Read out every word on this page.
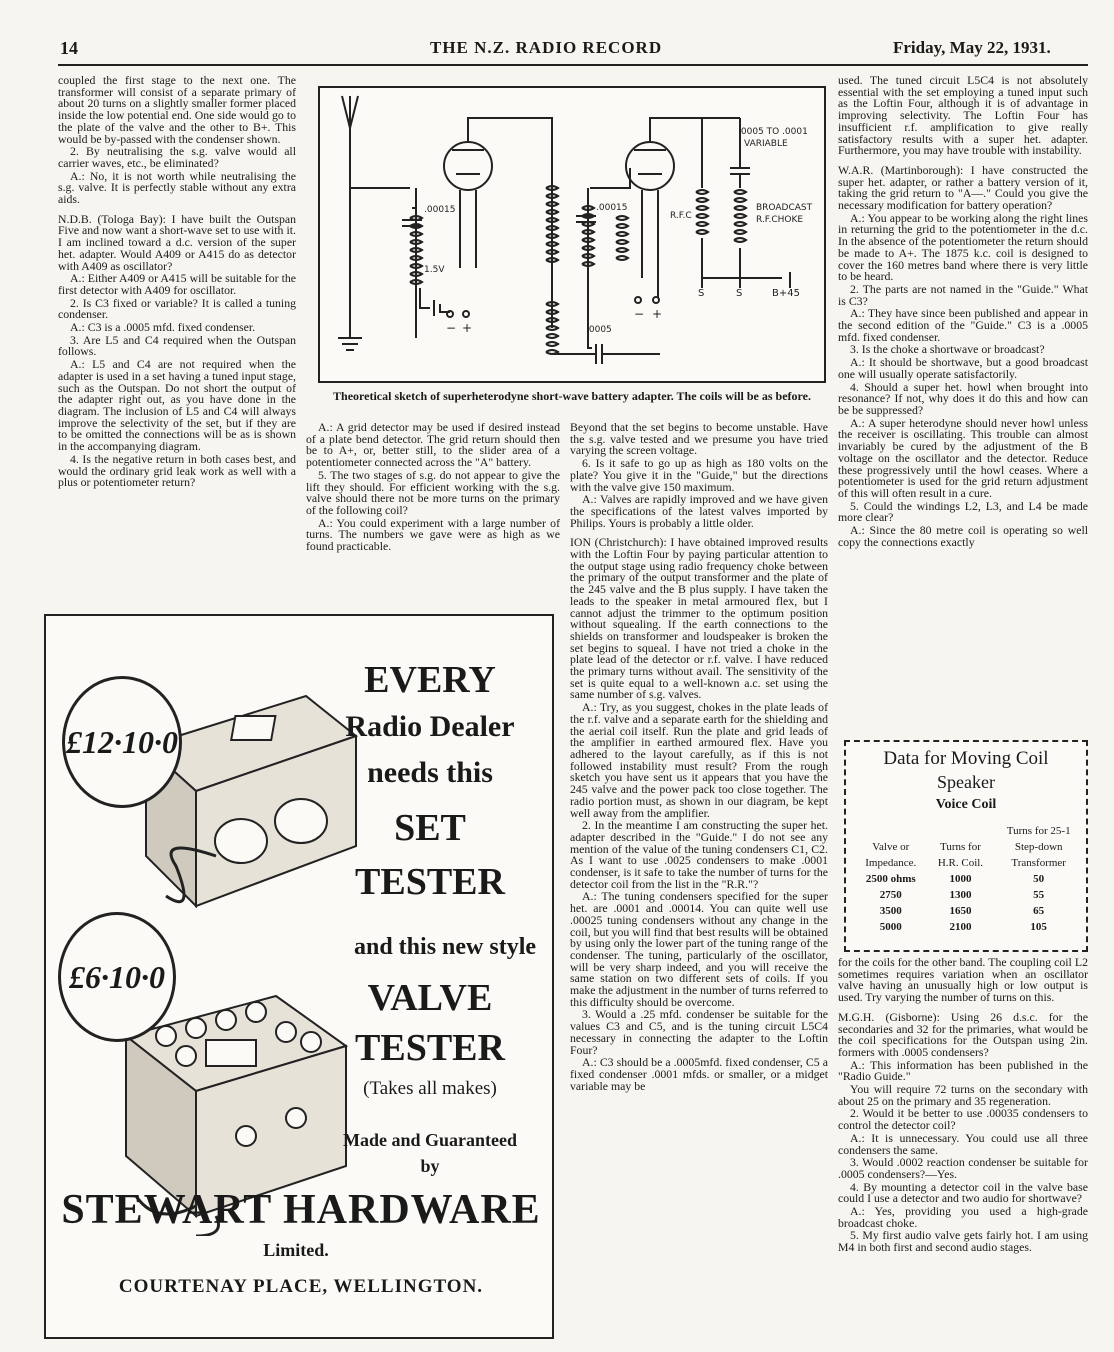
14	THE N.Z. RADIO RECORD	Friday, May 22, 1931.

coupled the first stage to the next one. The transformer will consist of a separate primary of about 20 turns on a slightly smaller former placed inside the low potential end. One side would go to the plate of the valve and the other to B+. This would be by-passed with the condenser shown.

2. By neutralising the s.g. valve would all carrier waves, etc., be eliminated?

A.: No, it is not worth while neutralising the s.g. valve. It is perfectly stable without any extra aids.

N.D.B. (Tologa Bay): I have built the Outspan Five and now want a short-wave set to use with it. I am inclined toward a d.c. version of the super het. adapter. Would A409 or A415 do as detector with A409 as oscillator?

A.: Either A409 or A415 will be suitable for the first detector with A409 for oscillator.

2. Is C3 fixed or variable? It is called a tuning condenser.

A.: C3 is a .0005 mfd. fixed condenser.

3. Are L5 and C4 required when the Outspan follows.

A.: L5 and C4 are not required when the adapter is used in a set having a tuned input stage, such as the Outspan. Do not short the output of the adapter right out, as you have done in the diagram. The inclusion of L5 and C4 will always improve the selectivity of the set, but if they are to be omitted the connections will be as is shown in the accompanying diagram.

4. Is the negative return in both cases best, and would the ordinary grid leak work as well with a plus or potentiometer return?

.0005 TO .0001
VARIABLE
.00015	.00015
1.5V
R.F.C
BROADCAST
R.F.CHOKE
.0005
S	S	B+45
− +
− +
Theoretical sketch of superheterodyne short-wave battery adapter. The coils will be as before.

A.: A grid detector may be used if desired instead of a plate bend detector. The grid return should then be to A+, or, better still, to the slider area of a potentiometer connected across the "A" battery.

5. The two stages of s.g. do not appear to give the lift they should. For efficient working with the s.g. valve should there not be more turns on the primary of the following coil?

A.: You could experiment with a large number of turns. The numbers we gave were as high as we found practicable.

Beyond that the set begins to become unstable. Have the s.g. valve tested and we presume you have tried varying the screen voltage.

6. Is it safe to go up as high as 180 volts on the plate? You give it in the "Guide," but the directions with the valve give 150 maximum.

A.: Valves are rapidly improved and we have given the specifications of the latest valves imported by Philips. Yours is probably a little older.

ION (Christchurch): I have obtained improved results with the Loftin Four by paying particular attention to the output stage using radio frequency choke between the primary of the output transformer and the plate of the 245 valve and the B plus supply. I have taken the leads to the speaker in metal armoured flex, but I cannot adjust the trimmer to the optimum position without squealing. If the earth connections to the shields on transformer and loudspeaker is broken the set begins to squeal. I have not tried a choke in the plate lead of the detector or r.f. valve. I have reduced the primary turns without avail. The sensitivity of the set is quite equal to a well-known a.c. set using the same number of s.g. valves.

A.: Try, as you suggest, chokes in the plate leads of the r.f. valve and a separate earth for the shielding and the aerial coil itself. Run the plate and grid leads of the amplifier in earthed armoured flex. Have you adhered to the layout carefully, as if this is not followed instability must result? From the rough sketch you have sent us it appears that you have the 245 valve and the power pack too close together. The radio portion must, as shown in our diagram, be kept well away from the amplifier.

2. In the meantime I am constructing the super het. adapter described in the "Guide." I do not see any mention of the value of the tuning condensers C1, C2. As I want to use .0025 condensers to make .0001 condenser, is it safe to take the number of turns for the detector coil from the list in the "R.R."?

A.: The tuning condensers specified for the super het. are .0001 and .00014. You can quite well use .00025 tuning condensers without any change in the coil, but you will find that best results will be obtained by using only the lower part of the tuning range of the condenser. The tuning, particularly of the oscillator, will be very sharp indeed, and you will receive the same station on two different sets of coils. If you make the adjustment in the number of turns referred to this difficulty should be overcome.

3. Would a .25 mfd. condenser be suitable for the values C3 and C5, and is the tuning circuit L5C4 necessary in connecting the adapter to the Loftin Four?

A.: C3 should be a .0005mfd. fixed condenser, C5 a fixed condenser .0001 mfds. or smaller, or a midget variable may be

used. The tuned circuit L5C4 is not absolutely essential with the set employing a tuned input such as the Loftin Four, although it is of advantage in improving selectivity. The Loftin Four has insufficient r.f. amplification to give really satisfactory results with a super het. adapter. Furthermore, you may have trouble with instability.

W.A.R. (Martinborough): I have constructed the super het. adapter, or rather a battery version of it, taking the grid return to "A—." Could you give the necessary modification for battery operation?

A.: You appear to be working along the right lines in returning the grid to the potentiometer in the d.c. In the absence of the potentiometer the return should be made to A+. The 1875 k.c. coil is designed to cover the 160 metres band where there is very little to be heard.

2. The parts are not named in the "Guide." What is C3?

A.: They have since been published and appear in the second edition of the "Guide." C3 is a .0005 mfd. fixed condenser.

3. Is the choke a shortwave or broadcast?

A.: It should be shortwave, but a good broadcast one will usually operate satisfactorily.

4. Should a super het. howl when brought into resonance? If not, why does it do this and how can be be suppressed?

A.: A super heterodyne should never howl unless the receiver is oscillating. This trouble can almost invariably be cured by the adjustment of the B voltage on the oscillator and the detector. Reduce these progressively until the howl ceases. Where a potentiometer is used for the grid return adjustment of this will often result in a cure.

5. Could the windings L2, L3, and L4 be made more clear?

A.: Since the 80 metre coil is operating so well copy the connections exactly

Data for Moving Coil
Speaker
Voice Coil
		Turns for 25-1
Valve or	Turns for	Step-down
Impedance.	H.R. Coil.	Transformer
2500 ohms	1000	50
2750	1300	55
3500	1650	65
5000	2100	105

for the coils for the other band. The coupling coil L2 sometimes requires variation when an oscillator valve having an unusually high or low output is used. Try varying the number of turns on this.

M.G.H. (Gisborne): Using 26 d.s.c. for the secondaries and 32 for the primaries, what would be the coil specifications for the Outspan using 2in. formers with .0005 condensers?

A.: This information has been published in the "Radio Guide."

You will require 72 turns on the secondary with about 25 on the primary and 35 regeneration.

2. Would it be better to use .00035 condensers to control the detector coil?

A.: It is unnecessary. You could use all three condensers the same.

3. Would .0002 reaction condenser be suitable for .0005 condensers?—Yes.

4. By mounting a detector coil in the valve base could I use a detector and two audio for shortwave?

A.: Yes, providing you used a high-grade broadcast choke.

5. My first audio valve gets fairly hot. I am using M4 in both first and second audio stages.

£12·10·0
£6·10·0
EVERY
Radio Dealer
needs this
SET
TESTER
and this new style
VALVE
TESTER
(Takes all makes)
Made and Guaranteed
by
STEWART HARDWARE
Limited.
COURTENAY PLACE, WELLINGTON.
